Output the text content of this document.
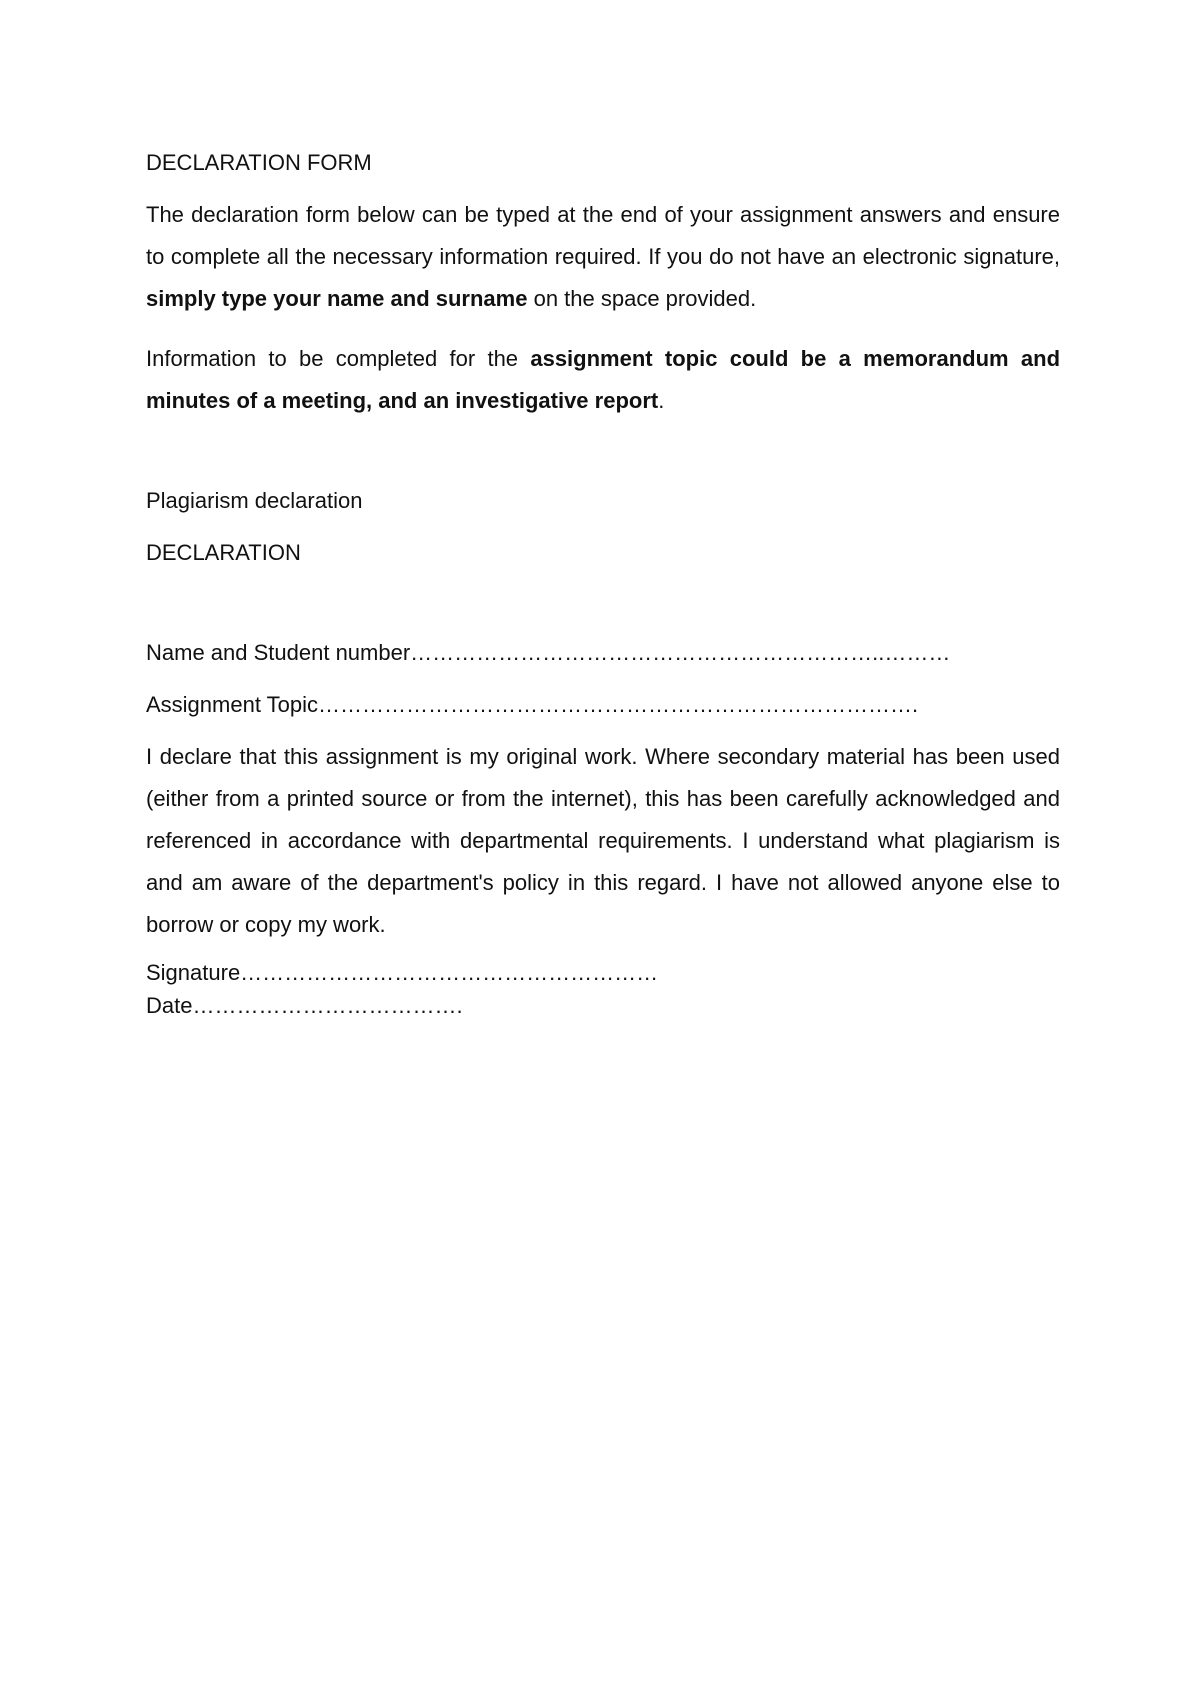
DECLARATION FORM

The declaration form below can be typed at the end of your assignment answers and ensure to complete all the necessary information required. If you do not have an electronic signature, simply type your name and surname on the space provided.

Information to be completed for the assignment topic could be a memorandum and minutes of a meeting, and an investigative report.

Plagiarism declaration

DECLARATION

Name and Student number………………………………………………………..………

Assignment Topic……………………………………………………………………….

I declare that this assignment is my original work. Where secondary material has been used (either from a printed source or from the internet), this has been carefully acknowledged and referenced in accordance with departmental requirements. I understand what plagiarism is and am aware of the department's policy in this regard. I have not allowed anyone else to borrow or copy my work.

Signature…………………………………………………

Date……………………………….
